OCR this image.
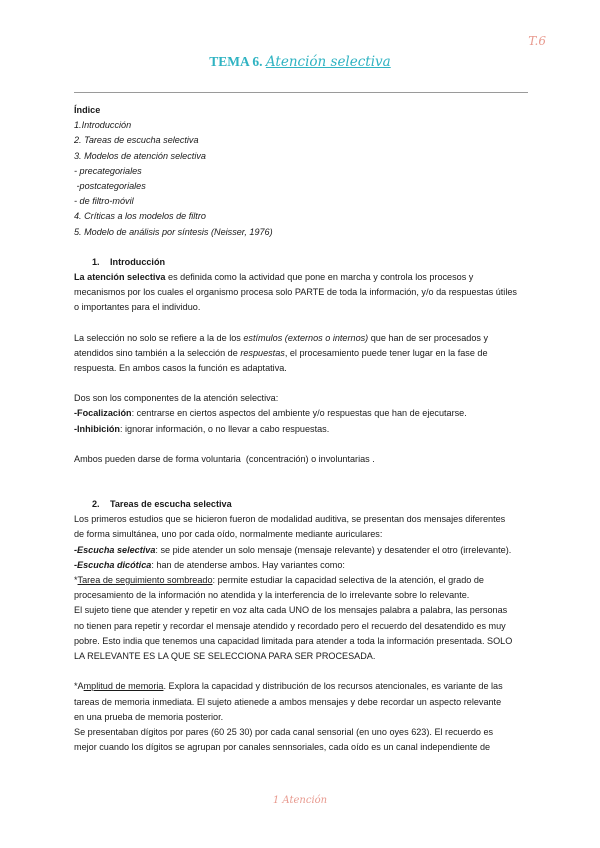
T.6
TEMA 6. Atención selectiva

Índice

1.Introducción

2. Tareas de escucha selectiva

3. Modelos de atención selectiva

- precategoriales

-postcategoriales

- de filtro-móvil

4. Críticas a los modelos de filtro

5. Modelo de análisis por síntesis (Neisser, 1976)

1. Introducción

La atención selectiva es definida como la actividad que pone en marcha y controla los procesos y

mecanismos por los cuales el organismo procesa solo PARTE de toda la información, y/o da respuestas útiles

o importantes para el individuo.

La selección no solo se refiere a la de los estímulos (externos o internos) que han de ser procesados y

atendidos sino también a la selección de respuestas, el procesamiento puede tener lugar en la fase de

respuesta. En ambos casos la función es adaptativa.

Dos son los componentes de la atención selectiva:

-Focalización: centrarse en ciertos aspectos del ambiente y/o respuestas que han de ejecutarse.

-Inhibición: ignorar información, o no llevar a cabo respuestas.

Ambos pueden darse de forma voluntaria  (concentración) o involuntarias .

2. Tareas de escucha selectiva

Los primeros estudios que se hicieron fueron de modalidad auditiva, se presentan dos mensajes diferentes

de forma simultánea, uno por cada oído, normalmente mediante auriculares:

-Escucha selectiva: se pide atender un solo mensaje (mensaje relevante) y desatender el otro (irrelevante).

-Escucha dicótica: han de atenderse ambos. Hay variantes como:

*Tarea de seguimiento sombreado: permite estudiar la capacidad selectiva de la atención, el grado de

procesamiento de la información no atendida y la interferencia de lo irrelevante sobre lo relevante.

El sujeto tiene que atender y repetir en voz alta cada UNO de los mensajes palabra a palabra, las personas

no tienen para repetir y recordar el mensaje atendido y recordado pero el recuerdo del desatendido es muy

pobre. Esto india que tenemos una capacidad limitada para atender a toda la información presentada. SOLO

LA RELEVANTE ES LA QUE SE SELECCIONA PARA SER PROCESADA.

*Amplitud de memoria. Explora la capacidad y distribución de los recursos atencionales, es variante de las

tareas de memoria inmediata. El sujeto atienede a ambos mensajes y debe recordar un aspecto relevante

en una prueba de memoria posterior.

Se presentaban dígitos por pares (60 25 30) por cada canal sensorial (en uno oyes 623). El recuerdo es

mejor cuando los dígitos se agrupan por canales sennsoriales, cada oído es un canal independiente de

1 Atención
